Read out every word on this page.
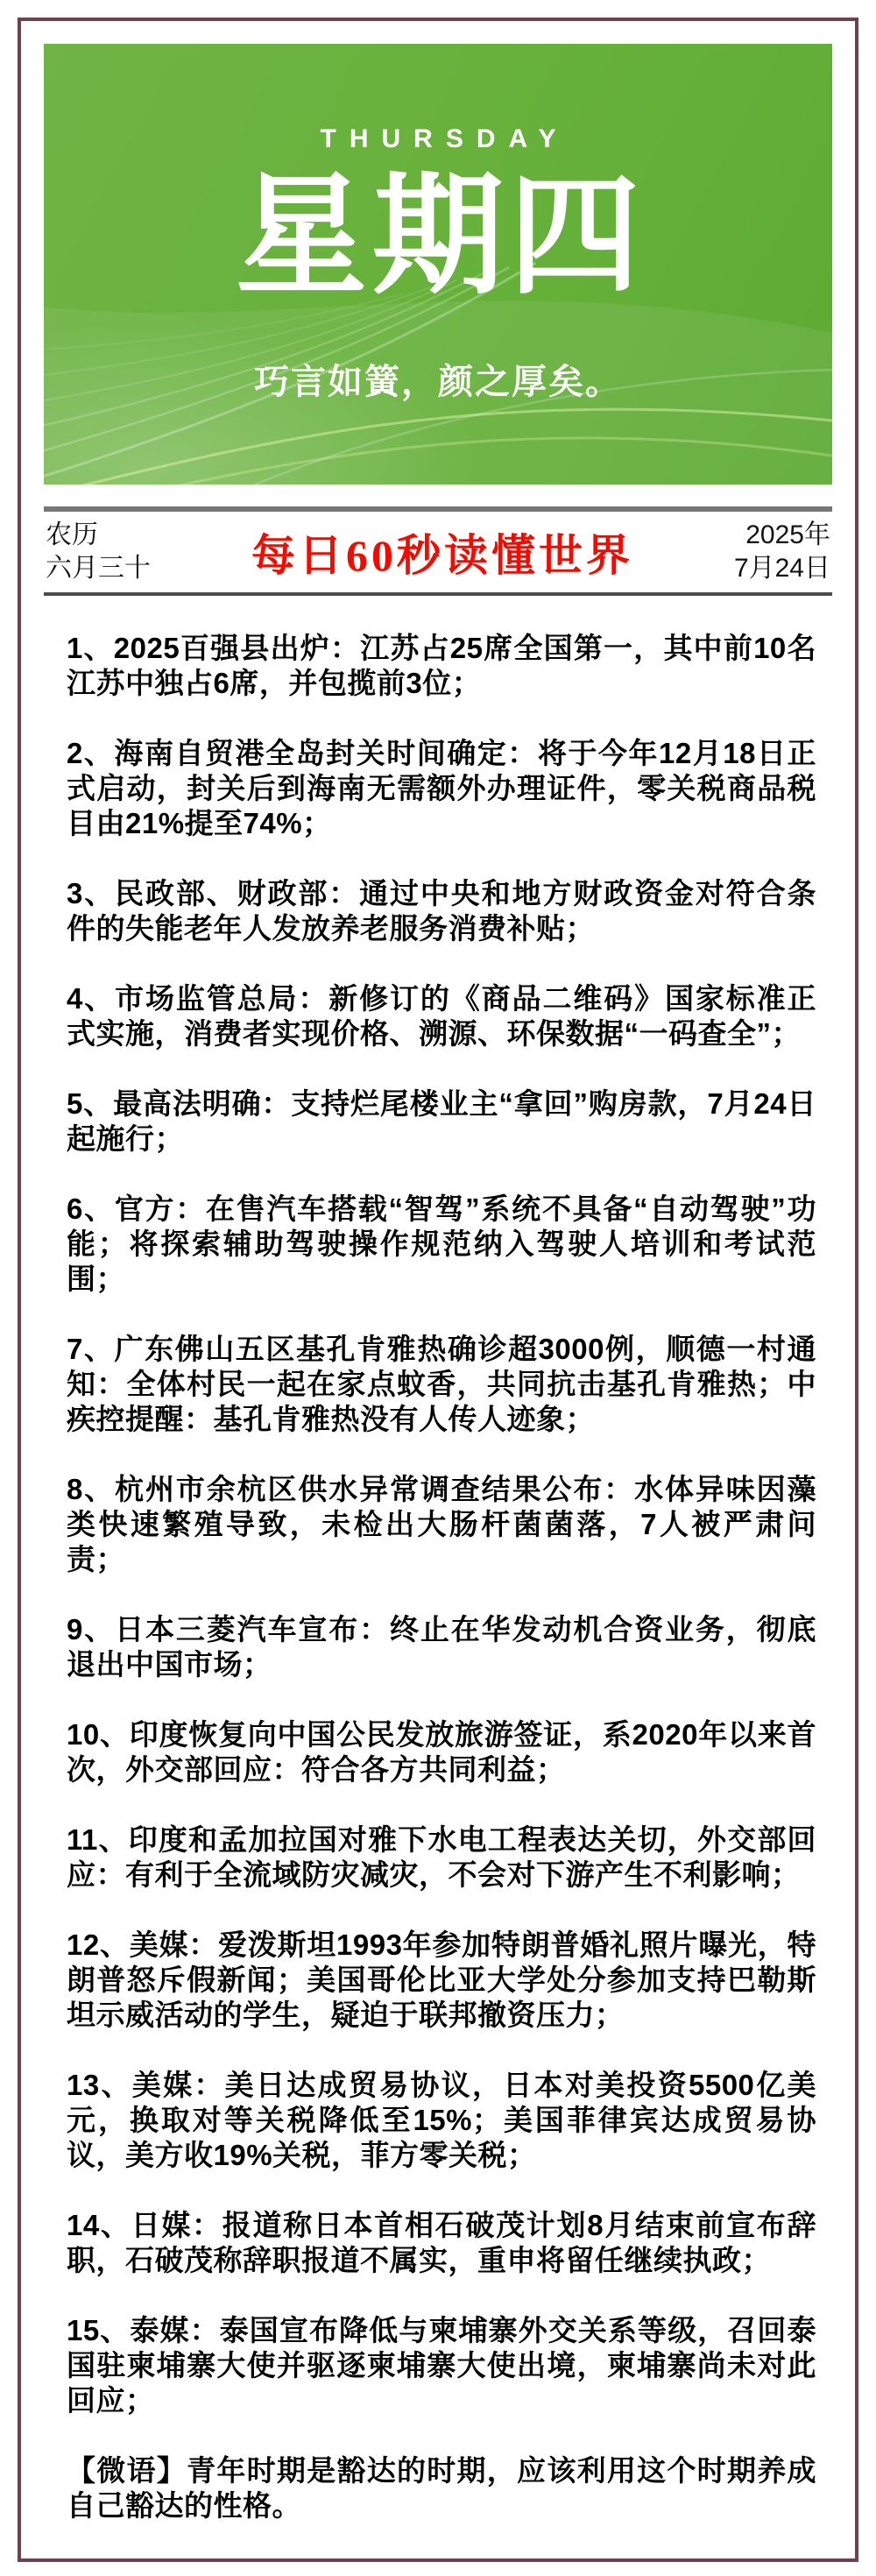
THURSDAY
星期四
巧言如簧，颜之厚矣。
农历
六月三十	每日60秒读懂世界	2025年
7月24日

1、2025百强县出炉：江苏占25席全国第一，其中前10名江苏中独占6席，并包揽前3位；

2、海南自贸港全岛封关时间确定：将于今年12月18日正式启动，封关后到海南无需额外办理证件，零关税商品税目由21%提至74%；

3、民政部、财政部：通过中央和地方财政资金对符合条件的失能老年人发放养老服务消费补贴；

4、市场监管总局：新修订的《商品二维码》国家标准正式实施，消费者实现价格、溯源、环保数据“一码查全”；

5、最高法明确：支持烂尾楼业主“拿回”购房款，7月24日起施行；

6、官方：在售汽车搭载“智驾”系统不具备“自动驾驶”功能；将探索辅助驾驶操作规范纳入驾驶人培训和考试范围；

7、广东佛山五区基孔肯雅热确诊超3000例，顺德一村通知：全体村民一起在家点蚊香，共同抗击基孔肯雅热；中疾控提醒：基孔肯雅热没有人传人迹象；

8、杭州市余杭区供水异常调查结果公布：水体异味因藻类快速繁殖导致，未检出大肠杆菌菌落，7人被严肃问责；

9、日本三菱汽车宣布：终止在华发动机合资业务，彻底退出中国市场；

10、印度恢复向中国公民发放旅游签证，系2020年以来首次，外交部回应：符合各方共同利益；

11、印度和孟加拉国对雅下水电工程表达关切，外交部回应：有利于全流域防灾减灾，不会对下游产生不利影响；

12、美媒：爱泼斯坦1993年参加特朗普婚礼照片曝光，特朗普怒斥假新闻；美国哥伦比亚大学处分参加支持巴勒斯坦示威活动的学生，疑迫于联邦撤资压力；

13、美媒：美日达成贸易协议，日本对美投资5500亿美元，换取对等关税降低至15%；美国菲律宾达成贸易协议，美方收19%关税，菲方零关税；

14、日媒：报道称日本首相石破茂计划8月结束前宣布辞职，石破茂称辞职报道不属实，重申将留任继续执政；

15、泰媒：泰国宣布降低与柬埔寨外交关系等级，召回泰国驻柬埔寨大使并驱逐柬埔寨大使出境，柬埔寨尚未对此回应；

【微语】青年时期是豁达的时期，应该利用这个时期养成自己豁达的性格。
